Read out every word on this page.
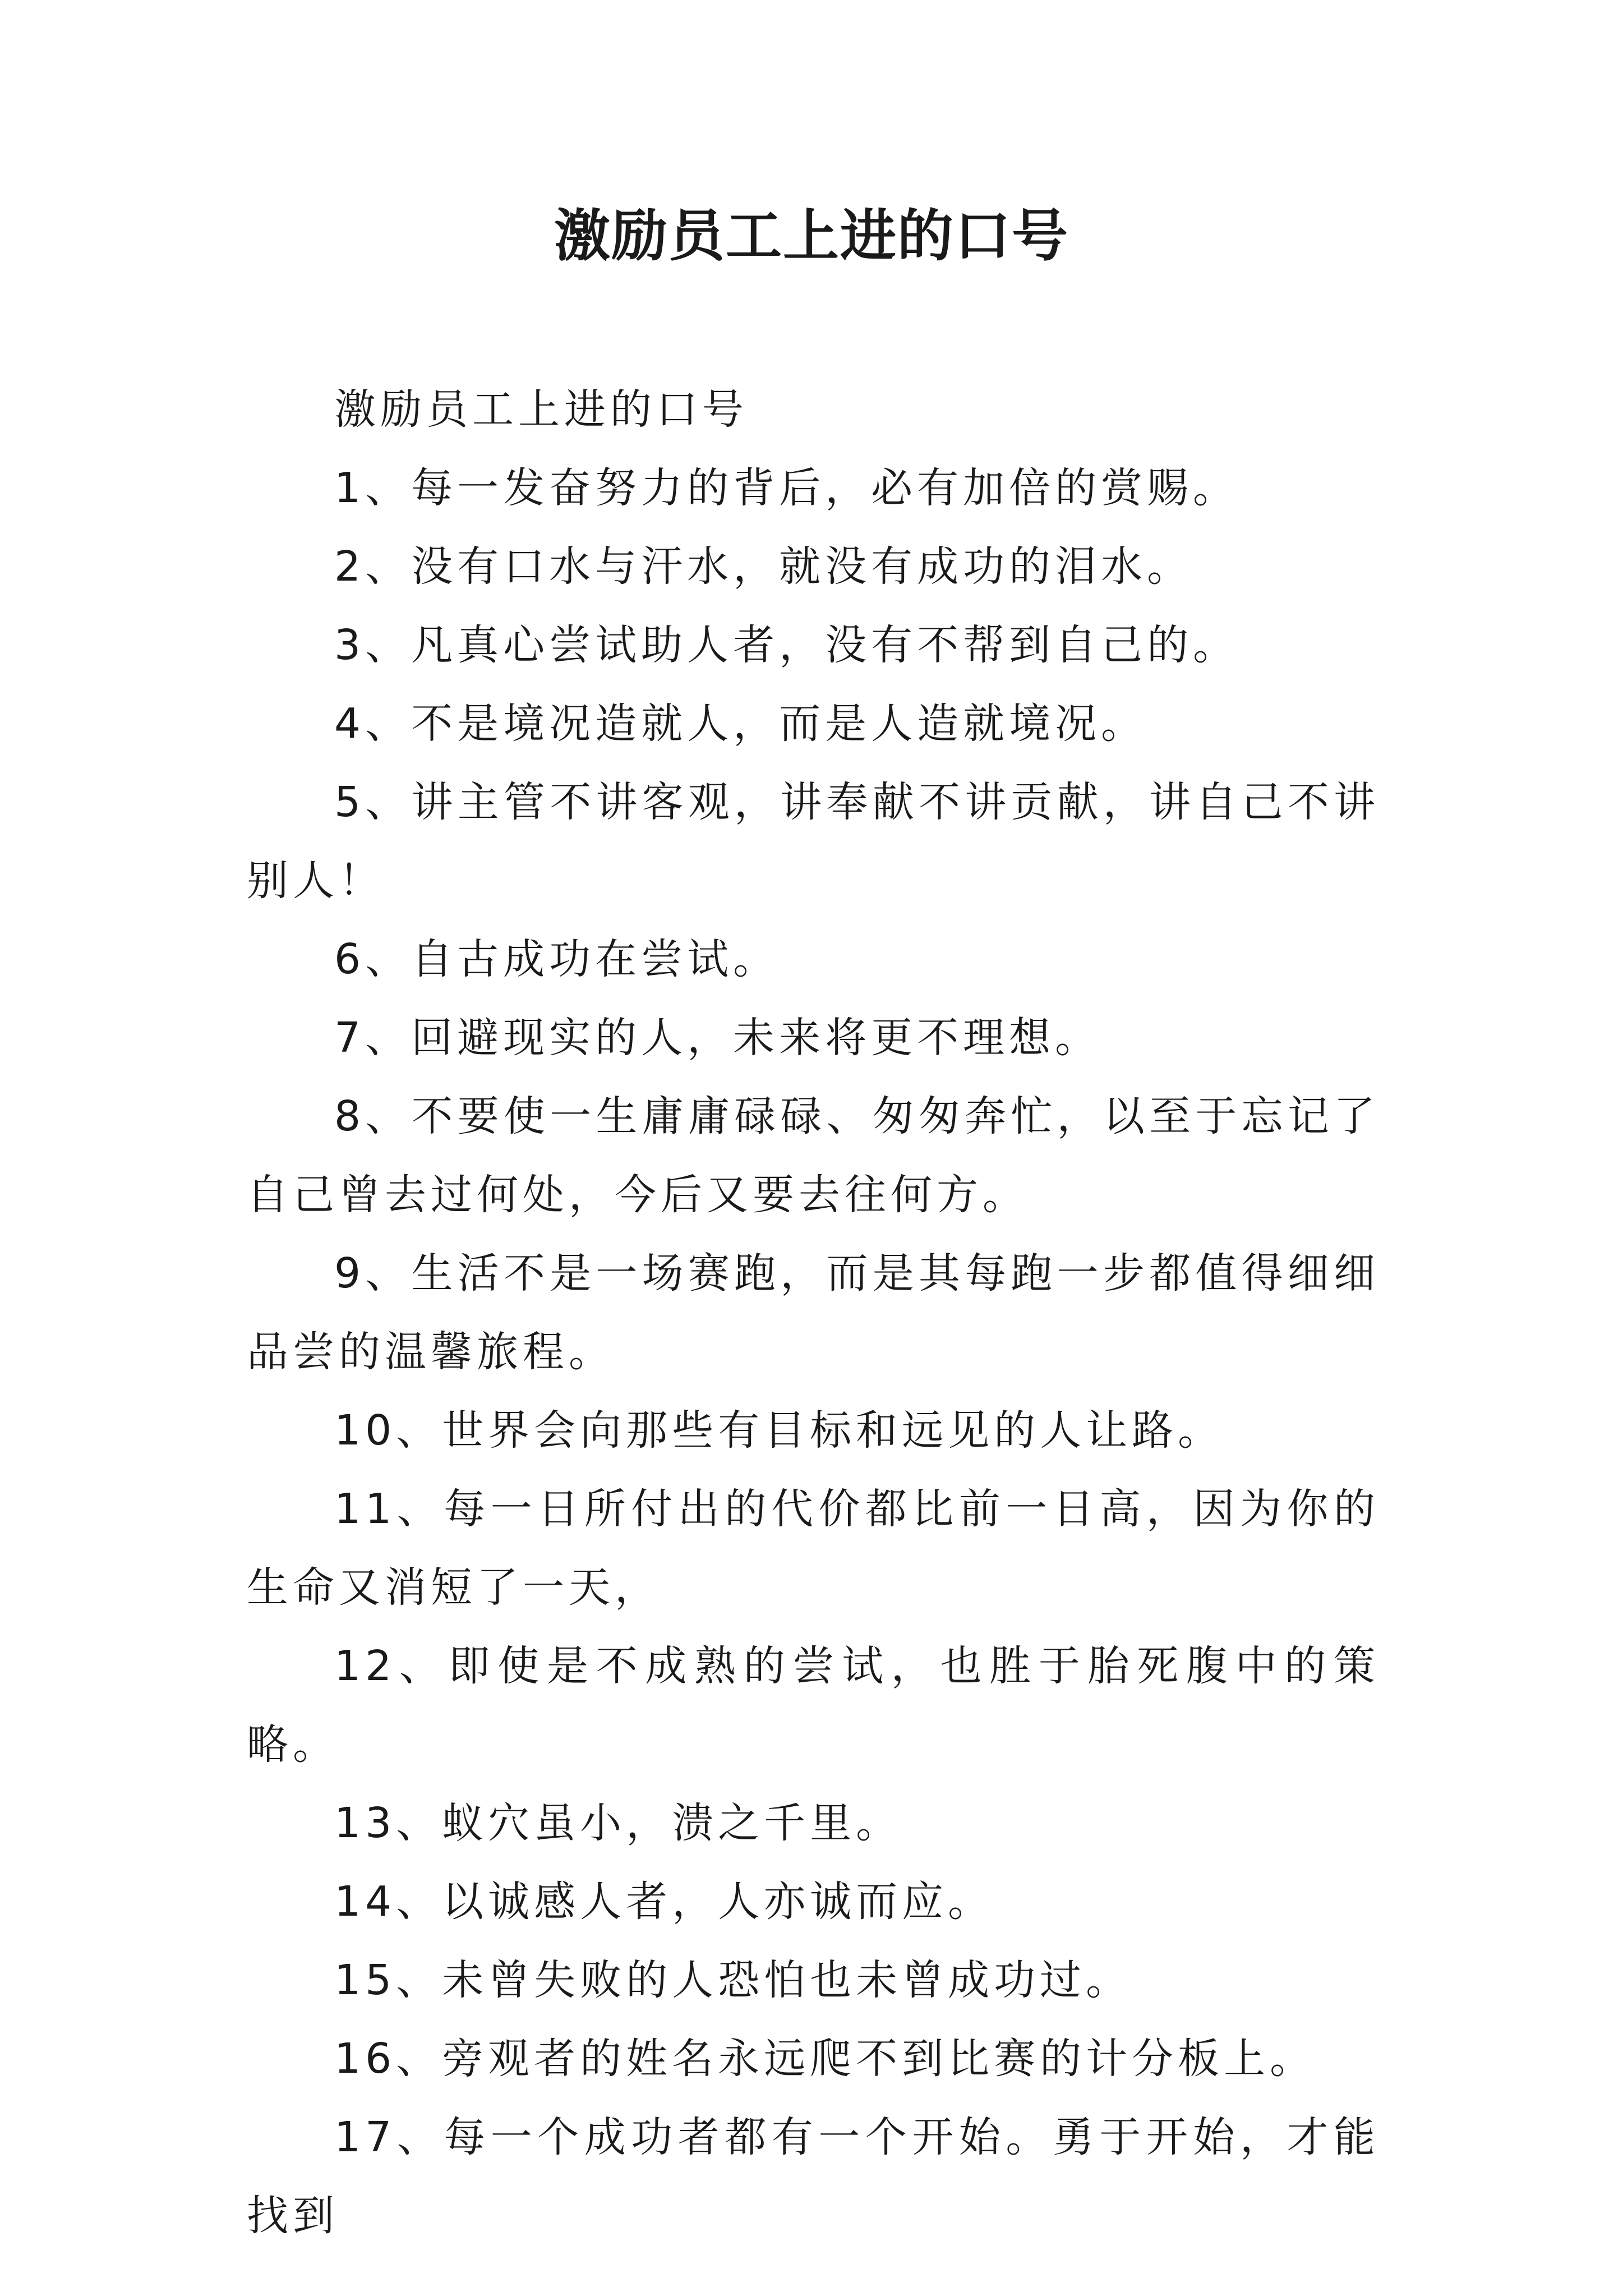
激励员工上进的口号

激励员工上进的口号

1、每一发奋努力的背后，必有加倍的赏赐。

2、没有口水与汗水，就没有成功的泪水。

3、凡真心尝试助人者，没有不帮到自己的。

4、不是境况造就人，而是人造就境况。

5、讲主管不讲客观，讲奉献不讲贡献，讲自己不讲别人！

6、自古成功在尝试。

7、回避现实的人，未来将更不理想。

8、不要使一生庸庸碌碌、匆匆奔忙，以至于忘记了自己曾去过何处，今后又要去往何方。

9、生活不是一场赛跑，而是其每跑一步都值得细细品尝的温馨旅程。

10、世界会向那些有目标和远见的人让路。

11、每一日所付出的代价都比前一日高，因为你的生命又消短了一天，

12、即使是不成熟的尝试，也胜于胎死腹中的策略。

13、蚁穴虽小，溃之千里。

14、以诚感人者，人亦诚而应。

15、未曾失败的人恐怕也未曾成功过。

16、旁观者的姓名永远爬不到比赛的计分板上。

17、每一个成功者都有一个开始。勇于开始，才能找到
